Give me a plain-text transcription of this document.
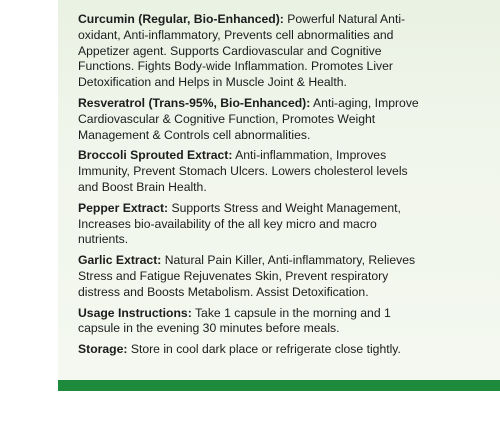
Curcumin (Regular, Bio-Enhanced): Powerful Natural Anti-oxidant, Anti-inflammatory, Prevents cell abnormalities and Appetizer agent. Supports Cardiovascular and Cognitive Functions. Fights Body-wide Inflammation. Promotes Liver Detoxification and Helps in Muscle Joint & Health.

Resveratrol (Trans-95%, Bio-Enhanced): Anti-aging, Improve Cardiovascular & Cognitive Function, Promotes Weight Management & Controls cell abnormalities.

Broccoli Sprouted Extract: Anti-inflammation, Improves Immunity, Prevent Stomach Ulcers. Lowers cholesterol levels and Boost Brain Health.

Pepper Extract: Supports Stress and Weight Management, Increases bio-availability of the all key micro and macro nutrients.

Garlic Extract: Natural Pain Killer, Anti-inflammatory, Relieves Stress and Fatigue Rejuvenates Skin, Prevent respiratory distress and Boosts Metabolism. Assist Detoxification.

Usage Instructions: Take 1 capsule in the morning and 1 capsule in the evening 30 minutes before meals.

Storage: Store in cool dark place or refrigerate close tightly.
